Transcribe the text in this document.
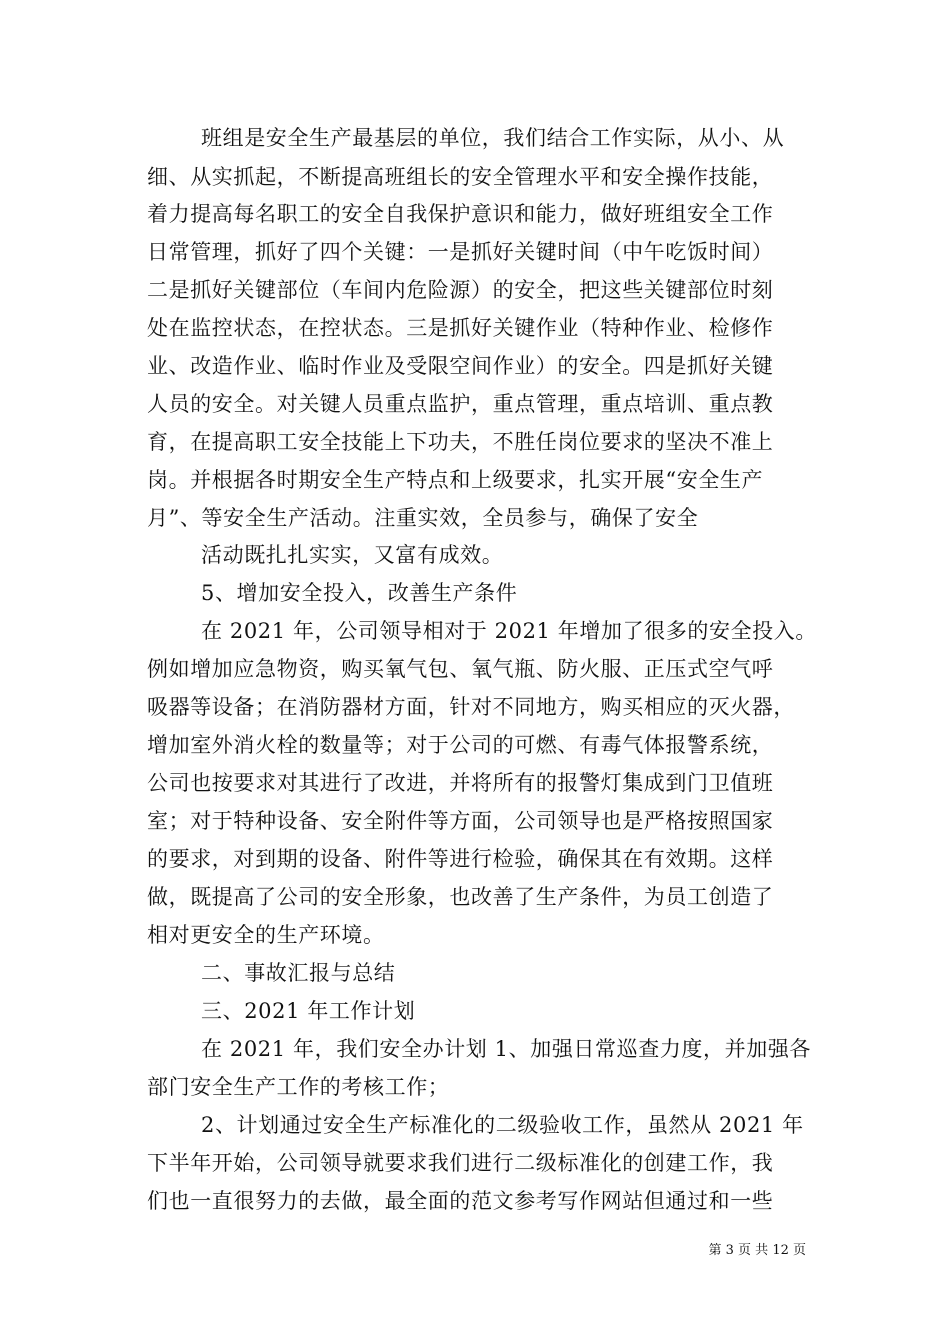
班组是安全生产最基层的单位，我们结合工作实际，从小、从
细、从实抓起，不断提高班组长的安全管理水平和安全操作技能，
着力提高每名职工的安全自我保护意识和能力，做好班组安全工作
日常管理，抓好了四个关键：一是抓好关键时间（中午吃饭时间）
二是抓好关键部位（车间内危险源）的安全，把这些关键部位时刻
处在监控状态，在控状态。三是抓好关键作业（特种作业、检修作
业、改造作业、临时作业及受限空间作业）的安全。四是抓好关键
人员的安全。对关键人员重点监护，重点管理，重点培训、重点教
育，在提高职工安全技能上下功夫，不胜任岗位要求的坚决不准上
岗。并根据各时期安全生产特点和上级要求，扎实开展“安全生产
月”、等安全生产活动。注重实效，全员参与，确保了安全
活动既扎扎实实，又富有成效。
5、增加安全投入，改善生产条件
在 2021 年，公司领导相对于 2021 年增加了很多的安全投入。
例如增加应急物资，购买氧气包、氧气瓶、防火服、正压式空气呼
吸器等设备；在消防器材方面，针对不同地方，购买相应的灭火器，
增加室外消火栓的数量等；对于公司的可燃、有毒气体报警系统，
公司也按要求对其进行了改进，并将所有的报警灯集成到门卫值班
室；对于特种设备、安全附件等方面，公司领导也是严格按照国家
的要求，对到期的设备、附件等进行检验，确保其在有效期。这样
做，既提高了公司的安全形象，也改善了生产条件，为员工创造了
相对更安全的生产环境。
二、事故汇报与总结
三、2021 年工作计划
在 2021 年，我们安全办计划 1、加强日常巡查力度，并加强各
部门安全生产工作的考核工作；
2、计划通过安全生产标准化的二级验收工作，虽然从 2021 年
下半年开始，公司领导就要求我们进行二级标准化的创建工作，我
们也一直很努力的去做，最全面的范文参考写作网站但通过和一些
第 3 页 共 12 页
